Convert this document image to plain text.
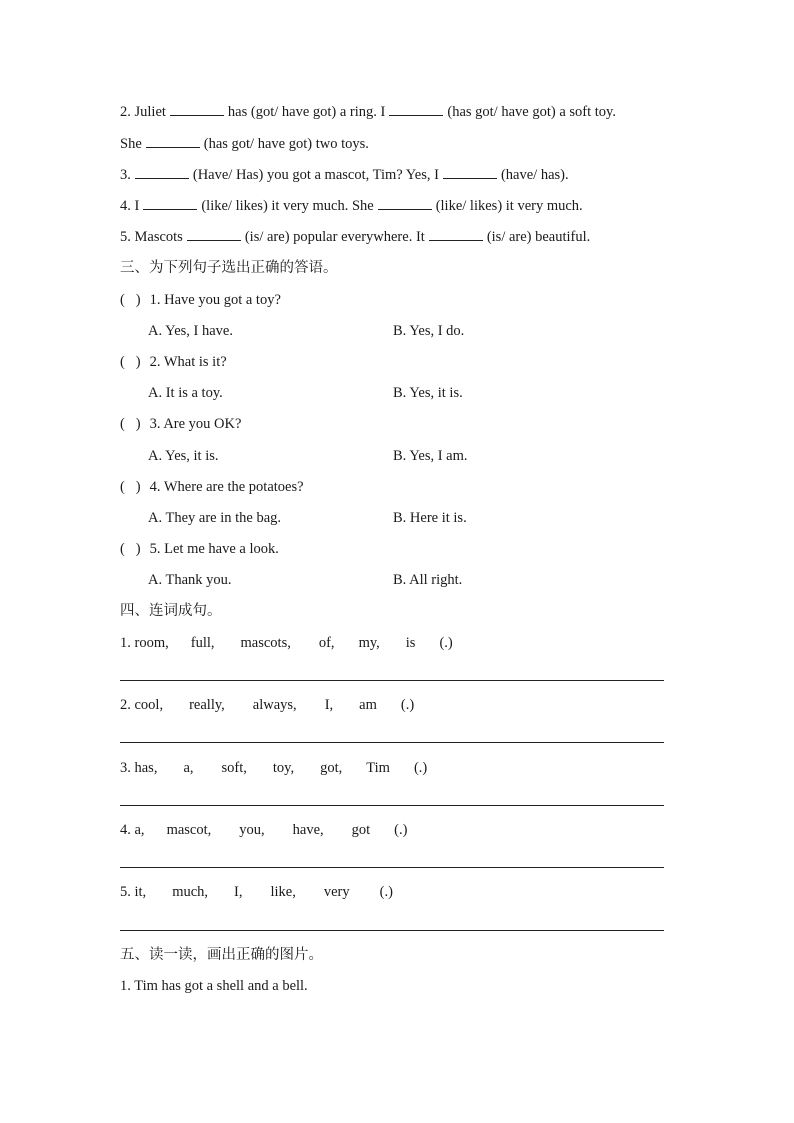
2. Juliet	has (got/ have got) a ring. I	(has got/ have got) a soft toy.
She	(has got/ have got) two toys.
3.	(Have/ Has) you got a mascot, Tim? Yes, I	(have/ has).
4. I	(like/ likes) it very much. She	(like/ likes) it very much.
5. Mascots	(is/ are) popular everywhere. It	(is/ are) beautiful.
三、为下列句子选出正确的答语。
( ) 1. Have you got a toy?
A. Yes, I have.	B. Yes, I do.
( ) 2. What is it?
A. It is a toy.	B. Yes, it is.
( ) 3. Are you OK?
A. Yes, it is.	B. Yes, I am.
( ) 4. Where are the potatoes?
A. They are in the bag.	B. Here it is.
( ) 5. Let me have a look.
A. Thank you.	B. All right.
四、连词成句。
1. room, full, mascots, of, my, is (.)
2. cool, really, always, I, am (.)
3. has, a, soft, toy, got, Tim (.)
4. a, mascot, you, have, got (.)
5. it, much, I, like, very (.)
五、读一读，画出正确的图片。
1. Tim has got a shell and a bell.
